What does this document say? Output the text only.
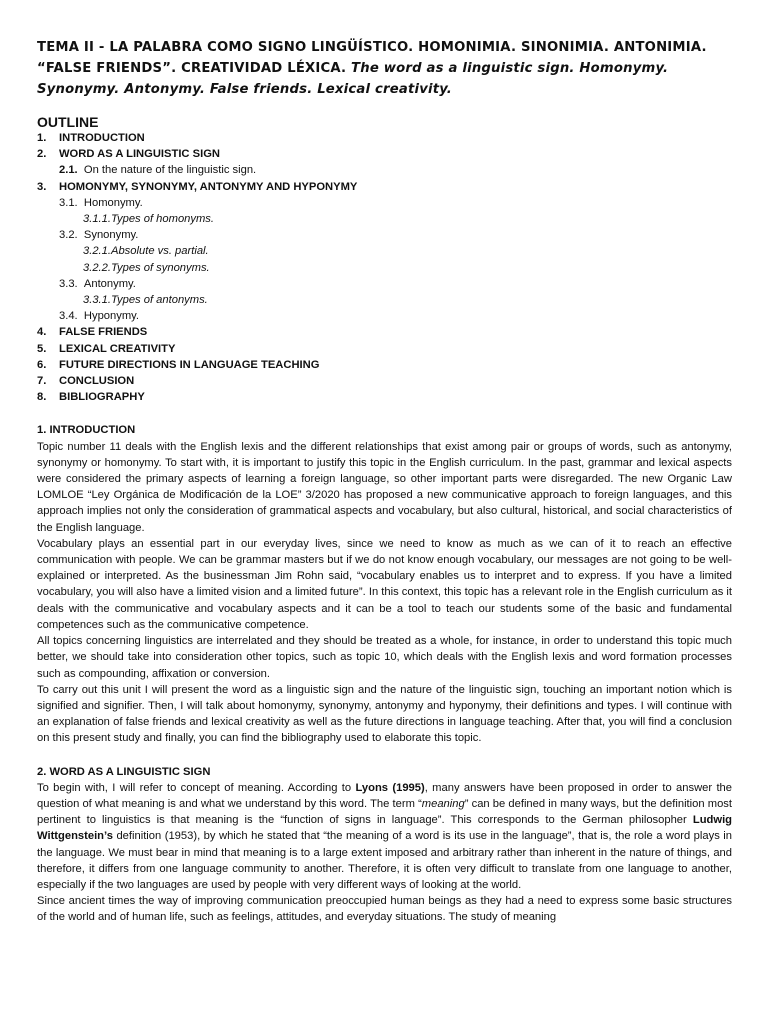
TEMA II - LA PALABRA COMO SIGNO LINGÜÍSTICO. HOMONIMIA. SINONIMIA. ANTONIMIA. “FALSE FRIENDS”. CREATIVIDAD LÉXICA. The word as a linguistic sign. Homonymy. Synonymy. Antonymy. False friends. Lexical creativity.
OUTLINE
1.	INTRODUCTION
2.	WORD AS A LINGUISTIC SIGN
2.1. On the nature of the linguistic sign.
3.	HOMONYMY, SYNONYMY, ANTONYMY AND HYPONYMY
3.1. Homonymy.
3.1.1.Types of homonyms.
3.2. Synonymy.
3.2.1.Absolute vs. partial.
3.2.2.Types of synonyms.
3.3. Antonymy.
3.3.1.Types of antonyms.
3.4. Hyponymy.
4.	FALSE FRIENDS
5.	LEXICAL CREATIVITY
6.	FUTURE DIRECTIONS IN LANGUAGE TEACHING
7.	CONCLUSION
8.	BIBLIOGRAPHY
1. INTRODUCTION

Topic number 11 deals with the English lexis and the different relationships that exist among pair or groups of words, such as antonymy, synonymy or homonymy. To start with, it is important to justify this topic in the English curriculum. In the past, grammar and lexical aspects were considered the primary aspects of learning a foreign language, so other important parts were disregarded. The new Organic Law LOMLOE “Ley Orgánica de Modificación de la LOE” 3/2020 has proposed a new communicative approach to foreign languages, and this approach implies not only the consideration of grammatical aspects and vocabulary, but also cultural, historical, and social characteristics of the English language.

Vocabulary plays an essential part in our everyday lives, since we need to know as much as we can of it to reach an effective communication with people. We can be grammar masters but if we do not know enough vocabulary, our messages are not going to be well-explained or interpreted. As the businessman Jim Rohn said, “vocabulary enables us to interpret and to express. If you have a limited vocabulary, you will also have a limited vision and a limited future”. In this context, this topic has a relevant role in the English curriculum as it deals with the communicative and vocabulary aspects and it can be a tool to teach our students some of the basic and fundamental competences such as the communicative competence.

All topics concerning linguistics are interrelated and they should be treated as a whole, for instance, in order to understand this topic much better, we should take into consideration other topics, such as topic 10, which deals with the English lexis and word formation processes such as compounding, affixation or conversion.

To carry out this unit I will present the word as a linguistic sign and the nature of the linguistic sign, touching an important notion which is signified and signifier. Then, I will talk about homonymy, synonymy, antonymy and hyponymy, their definitions and types. I will continue with an explanation of false friends and lexical creativity as well as the future directions in language teaching. After that, you will find a conclusion on this present study and finally, you can find the bibliography used to elaborate this topic.

2. WORD AS A LINGUISTIC SIGN

To begin with, I will refer to concept of meaning. According to Lyons (1995), many answers have been proposed in order to answer the question of what meaning is and what we understand by this word. The term “meaning” can be defined in many ways, but the definition most pertinent to linguistics is that meaning is the “function of signs in language”. This corresponds to the German philosopher Ludwig Wittgenstein’s definition (1953), by which he stated that “the meaning of a word is its use in the language”, that is, the role a word plays in the language. We must bear in mind that meaning is to a large extent imposed and arbitrary rather than inherent in the nature of things, and therefore, it differs from one language community to another. Therefore, it is often very difficult to translate from one language to another, especially if the two languages are used by people with very different ways of looking at the world.

Since ancient times the way of improving communication preoccupied human beings as they had a need to express some basic structures of the world and of human life, such as feelings, attitudes, and everyday situations. The study of meaning
